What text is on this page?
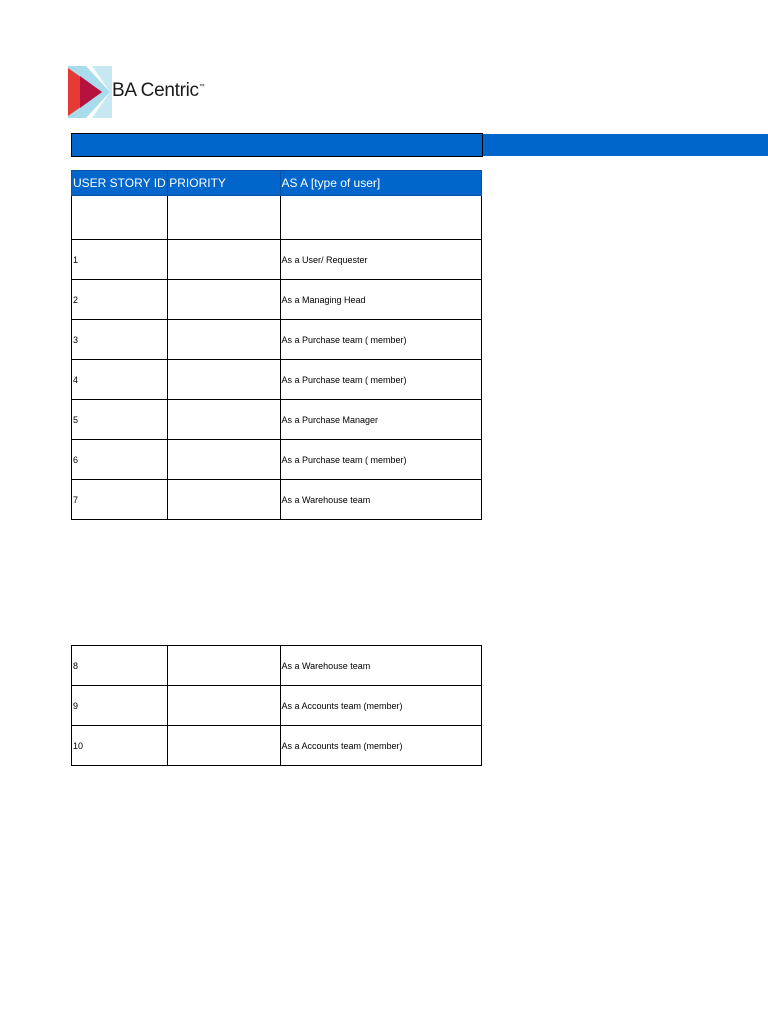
BA Centric™
USER STORY ID	PRIORITY	AS A [type of user]

1		As a User/ Requester
2		As a Managing Head
3		As a Purchase team ( member)
4		As a Purchase team ( member)
5		As a Purchase Manager
6		As a Purchase team ( member)
7		As a Warehouse team
8		As a Warehouse team
9		As a Accounts team (member)
10		As a Accounts team (member)
